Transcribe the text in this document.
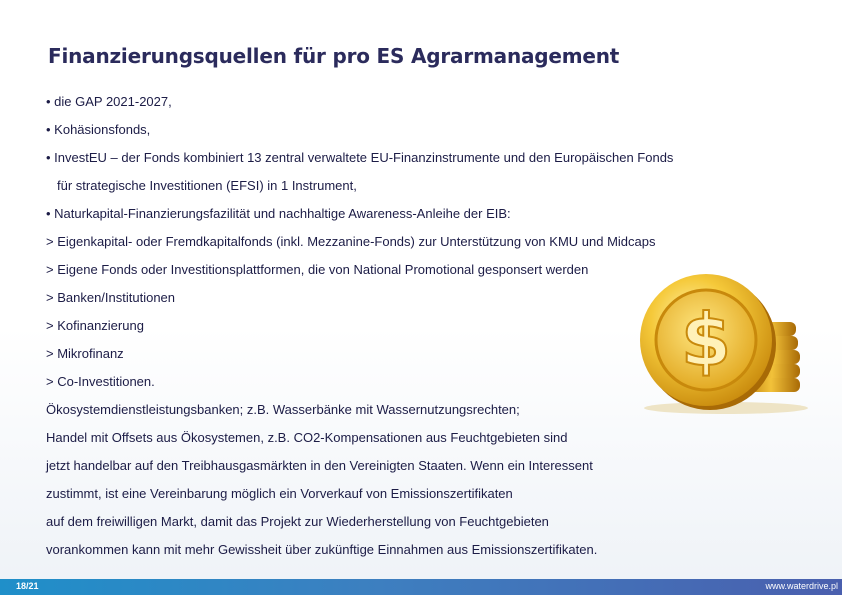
Finanzierungsquellen für pro ES Agrarmanagement
• die GAP 2021-2027,
• Kohäsionsfonds,
• InvestEU – der Fonds kombiniert 13 zentral verwaltete EU-Finanzinstrumente und den Europäischen Fonds
für strategische Investitionen (EFSI) in 1 Instrument,
• Naturkapital-Finanzierungsfazilität und nachhaltige Awareness-Anleihe der EIB:
> Eigenkapital- oder Fremdkapitalfonds (inkl. Mezzanine-Fonds) zur Unterstützung von KMU und Midcaps
> Eigene Fonds oder Investitionsplattformen, die von National Promotional gesponsert werden
> Banken/Institutionen
> Kofinanzierung
> Mikrofinanz
> Co-Investitionen.
Ökosystemdienstleistungsbanken; z.B. Wasserbänke mit Wassernutzungsrechten;
Handel mit Offsets aus Ökosystemen, z.B. CO2-Kompensationen aus Feuchtgebieten sind
jetzt handelbar auf den Treibhausgasmärkten in den Vereinigten Staaten. Wenn ein Interessent
zustimmt, ist eine Vereinbarung möglich ein Vorverkauf von Emissionszertifikaten
auf dem freiwilligen Markt, damit das Projekt zur Wiederherstellung von Feuchtgebieten
vorankommen kann mit mehr Gewissheit über zukünftige Einnahmen aus Emissionszertifikaten.
$
18/21	www.waterdrive.pl
